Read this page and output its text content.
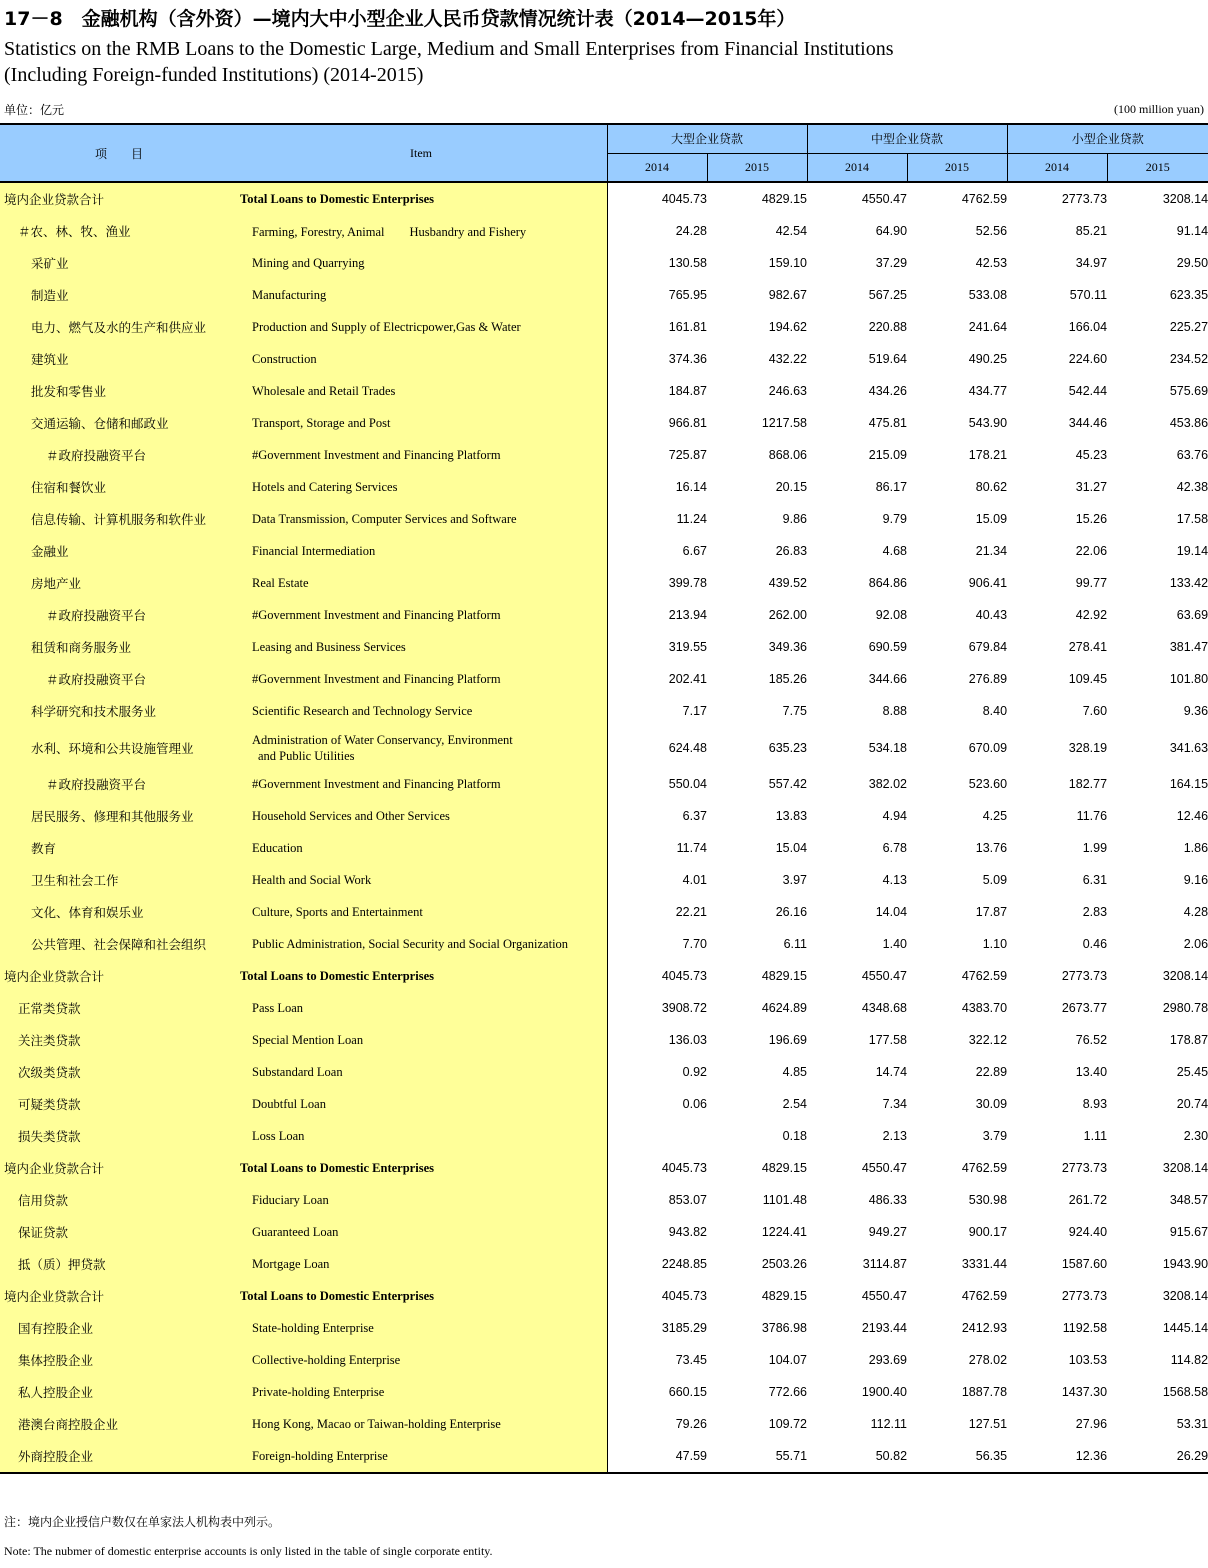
17－8　金融机构（含外资）—境内大中小型企业人民币贷款情况统计表（2014—2015年）
Statistics on the RMB Loans to the Domestic Large, Medium and Small Enterprises from Financial Institutions
(Including Foreign-funded Institutions) (2014-2015)
单位：亿元	(100 million yuan)
项　　目	Item	大型企业贷款		中型企业贷款		小型企业贷款	
		2014	2015	2014	2015	2014	2015
境内企业贷款合计	Total Loans to Domestic Enterprises	4045.73	4829.15	4550.47	4762.59	2773.73	3208.14
＃农、林、牧、渔业	Farming, Forestry, Animal　　Husbandry and Fishery	24.28	42.54	64.90	52.56	85.21	91.14
采矿业	Mining and Quarrying	130.58	159.10	37.29	42.53	34.97	29.50
制造业	Manufacturing	765.95	982.67	567.25	533.08	570.11	623.35
电力、燃气及水的生产和供应业	Production and Supply of Electricpower,Gas & Water	161.81	194.62	220.88	241.64	166.04	225.27
建筑业	Construction	374.36	432.22	519.64	490.25	224.60	234.52
批发和零售业	Wholesale and Retail Trades	184.87	246.63	434.26	434.77	542.44	575.69
交通运输、仓储和邮政业	Transport, Storage and Post	966.81	1217.58	475.81	543.90	344.46	453.86
＃政府投融资平台	#Government Investment and Financing Platform	725.87	868.06	215.09	178.21	45.23	63.76
住宿和餐饮业	Hotels and Catering Services	16.14	20.15	86.17	80.62	31.27	42.38
信息传输、计算机服务和软件业	Data Transmission, Computer Services and Software	11.24	9.86	9.79	15.09	15.26	17.58
金融业	Financial Intermediation	6.67	26.83	4.68	21.34	22.06	19.14
房地产业	Real Estate	399.78	439.52	864.86	906.41	99.77	133.42
＃政府投融资平台	#Government Investment and Financing Platform	213.94	262.00	92.08	40.43	42.92	63.69
租赁和商务服务业	Leasing and Business Services	319.55	349.36	690.59	679.84	278.41	381.47
＃政府投融资平台	#Government Investment and Financing Platform	202.41	185.26	344.66	276.89	109.45	101.80
科学研究和技术服务业	Scientific Research and Technology Service	7.17	7.75	8.88	8.40	7.60	9.36
水利、环境和公共设施管理业	Administration of Water Conservancy, Environment
and Public Utilities	624.48	635.23	534.18	670.09	328.19	341.63
＃政府投融资平台	#Government Investment and Financing Platform	550.04	557.42	382.02	523.60	182.77	164.15
居民服务、修理和其他服务业	Household Services and Other Services	6.37	13.83	4.94	4.25	11.76	12.46
教育	Education	11.74	15.04	6.78	13.76	1.99	1.86
卫生和社会工作	Health and Social Work	4.01	3.97	4.13	5.09	6.31	9.16
文化、体育和娱乐业	Culture, Sports and Entertainment	22.21	26.16	14.04	17.87	2.83	4.28
公共管理、社会保障和社会组织	Public Administration, Social Security and Social Organization	7.70	6.11	1.40	1.10	0.46	2.06
境内企业贷款合计	Total Loans to Domestic Enterprises	4045.73	4829.15	4550.47	4762.59	2773.73	3208.14
正常类贷款	Pass Loan	3908.72	4624.89	4348.68	4383.70	2673.77	2980.78
关注类贷款	Special Mention Loan	136.03	196.69	177.58	322.12	76.52	178.87
次级类贷款	Substandard Loan	0.92	4.85	14.74	22.89	13.40	25.45
可疑类贷款	Doubtful Loan	0.06	2.54	7.34	30.09	8.93	20.74
损失类贷款	Loss Loan		0.18	2.13	3.79	1.11	2.30
境内企业贷款合计	Total Loans to Domestic Enterprises	4045.73	4829.15	4550.47	4762.59	2773.73	3208.14
信用贷款	Fiduciary Loan	853.07	1101.48	486.33	530.98	261.72	348.57
保证贷款	Guaranteed Loan	943.82	1224.41	949.27	900.17	924.40	915.67
抵（质）押贷款	Mortgage Loan	2248.85	2503.26	3114.87	3331.44	1587.60	1943.90
境内企业贷款合计	Total Loans to Domestic Enterprises	4045.73	4829.15	4550.47	4762.59	2773.73	3208.14
国有控股企业	State-holding Enterprise	3185.29	3786.98	2193.44	2412.93	1192.58	1445.14
集体控股企业	Collective-holding Enterprise	73.45	104.07	293.69	278.02	103.53	114.82
私人控股企业	Private-holding Enterprise	660.15	772.66	1900.40	1887.78	1437.30	1568.58
港澳台商控股企业	Hong Kong, Macao or Taiwan-holding Enterprise	79.26	109.72	112.11	127.51	27.96	53.31
外商控股企业	Foreign-holding Enterprise	47.59	55.71	50.82	56.35	12.36	26.29
注：境内企业授信户数仅在单家法人机构表中列示。
Note: The nubmer of domestic enterprise accounts is only listed in the table of single corporate entity.
